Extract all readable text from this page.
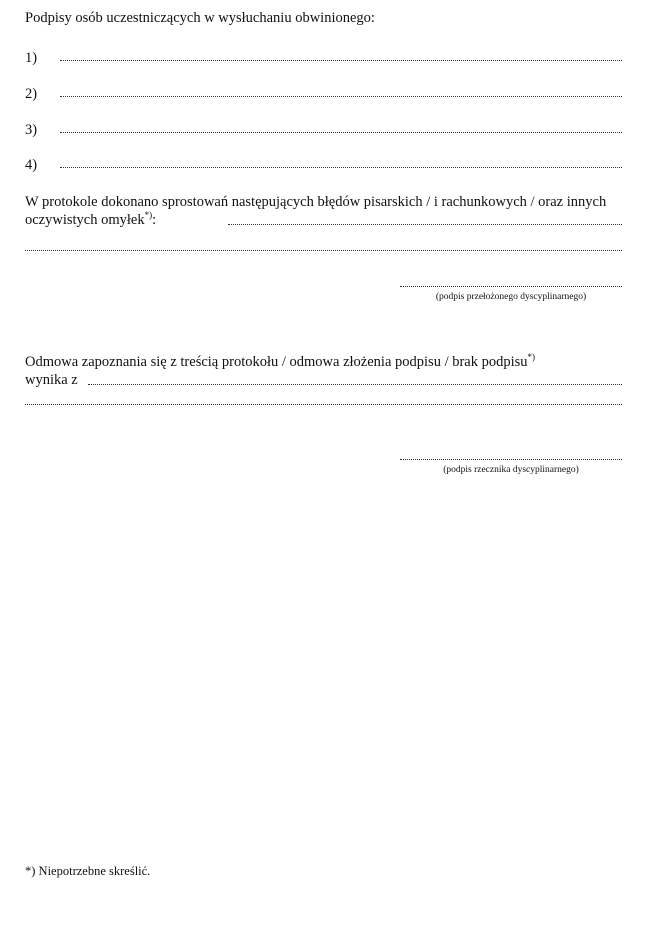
Podpisy osób uczestniczących w wysłuchaniu obwinionego:
1)
2)
3)
4)
W protokole dokonano sprostowań następujących błędów pisarskich / i rachunkowych / oraz innych oczywistych omyłek*):
(podpis przełożonego dyscyplinarnego)
Odmowa zapoznania się z treścią protokołu / odmowa złożenia podpisu / brak podpisu*)
wynika z
(podpis rzecznika dyscyplinarnego)
*) Niepotrzebne skreślić.
